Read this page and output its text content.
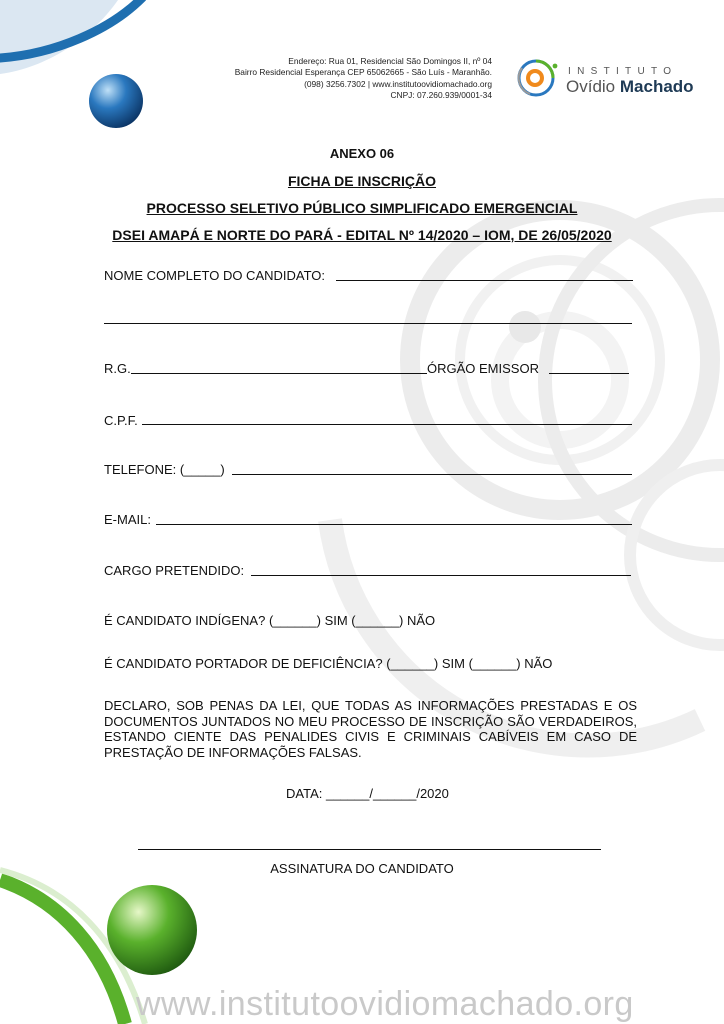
Endereço: Rua 01, Residencial São Domingos II, nº 04
Bairro Residencial Esperança CEP 65062665 - São Luís - Maranhão.
(098) 3256.7302 | www.institutoovidiomachado.org
CNPJ: 07.260.939/0001-34
INSTITUTO
Ovídio Machado
ANEXO 06
FICHA DE INSCRIÇÃO
PROCESSO SELETIVO PÚBLICO SIMPLIFICADO EMERGENCIAL
DSEI AMAPÁ E NORTE DO PARÁ - EDITAL Nº 14/2020 – IOM, DE 26/05/2020
NOME COMPLETO DO CANDIDATO:
R.G.	ÓRGÃO EMISSOR
C.P.F.
TELEFONE: (_____)
E-MAIL:
CARGO PRETENDIDO:
É CANDIDATO INDÍGENA? (______) SIM (______) NÃO
É CANDIDATO PORTADOR DE DEFICIÊNCIA? (______) SIM (______) NÃO
DECLARO, SOB PENAS DA LEI, QUE TODAS AS INFORMAÇÕES PRESTADAS E OS DOCUMENTOS JUNTADOS NO MEU PROCESSO DE INSCRIÇÃO SÃO VERDADEIROS, ESTANDO CIENTE DAS PENALIDES CIVIS E CRIMINAIS CABÍVEIS EM CASO DE PRESTAÇÃO DE INFORMAÇÕES FALSAS.
DATA: ______/______/2020
ASSINATURA DO CANDIDATO
www.institutoovidiomachado.org
